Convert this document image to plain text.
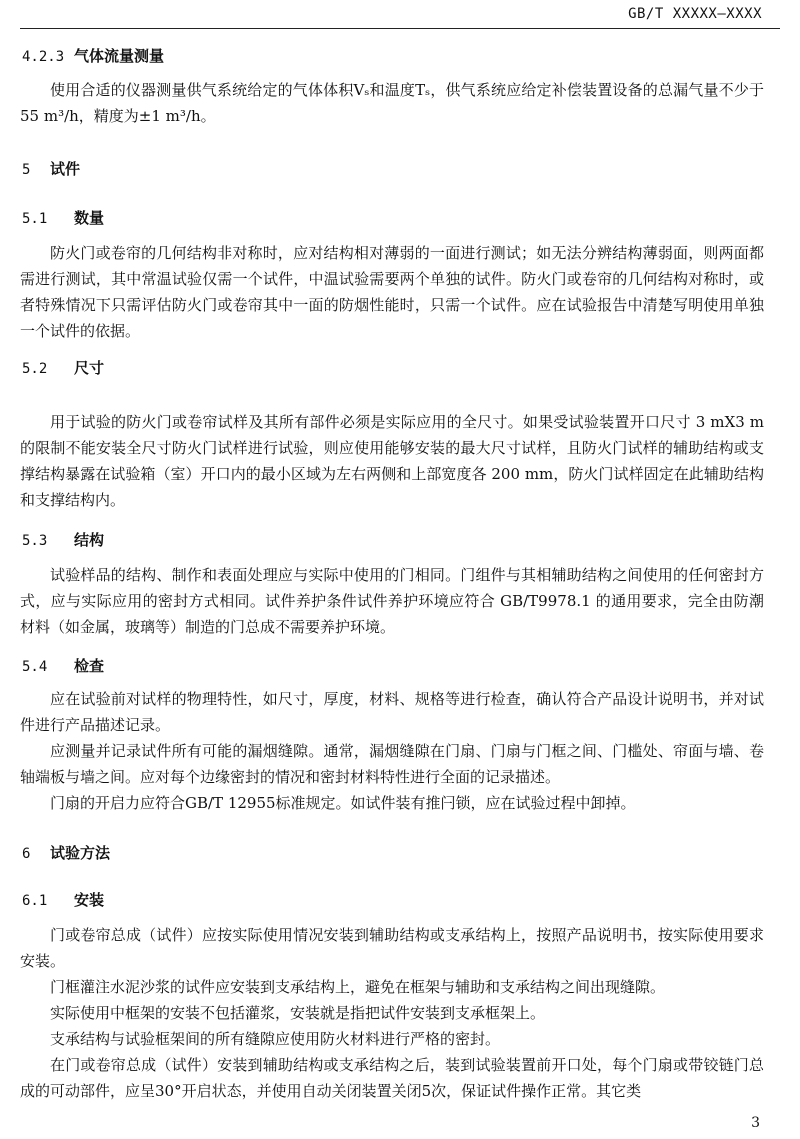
GB/T XXXXX—XXXX
4.2.3 气体流量测量

使用合适的仪器测量供气系统给定的气体体积Vₛ和温度Tₛ，供气系统应给定补偿装置设备的总漏气量不少于55 m³/h，精度为±1 m³/h。

5 试件
5.1 数量

防火门或卷帘的几何结构非对称时，应对结构相对薄弱的一面进行测试；如无法分辨结构薄弱面，则两面都需进行测试，其中常温试验仅需一个试件，中温试验需要两个单独的试件。防火门或卷帘的几何结构对称时，或者特殊情况下只需评估防火门或卷帘其中一面的防烟性能时，只需一个试件。应在试验报告中清楚写明使用单独一个试件的依据。

5.2 尺寸

用于试验的防火门或卷帘试样及其所有部件必须是实际应用的全尺寸。如果受试验装置开口尺寸 3 mX3 m 的限制不能安装全尺寸防火门试样进行试验，则应使用能够安装的最大尺寸试样，且防火门试样的辅助结构或支撑结构暴露在试验箱（室）开口内的最小区域为左右两侧和上部宽度各 200 mm，防火门试样固定在此辅助结构和支撑结构内。

5.3 结构

试验样品的结构、制作和表面处理应与实际中使用的门相同。门组件与其相辅助结构之间使用的任何密封方式，应与实际应用的密封方式相同。试件养护条件试件养护环境应符合 GB/T9978.1 的通用要求，完全由防潮材料（如金属，玻璃等）制造的门总成不需要养护环境。

5.4 检查

应在试验前对试样的物理特性，如尺寸，厚度，材料、规格等进行检查，确认符合产品设计说明书，并对试件进行产品描述记录。

应测量并记录试件所有可能的漏烟缝隙。通常，漏烟缝隙在门扇、门扇与门框之间、门槛处、帘面与墙、卷轴端板与墙之间。应对每个边缘密封的情况和密封材料特性进行全面的记录描述。

门扇的开启力应符合GB/T 12955标准规定。如试件装有推闩锁，应在试验过程中卸掉。

6 试验方法
6.1 安装

门或卷帘总成（试件）应按实际使用情况安装到辅助结构或支承结构上，按照产品说明书，按实际使用要求安装。

门框灌注水泥沙浆的试件应安装到支承结构上，避免在框架与辅助和支承结构之间出现缝隙。

实际使用中框架的安装不包括灌浆，安装就是指把试件安装到支承框架上。

支承结构与试验框架间的所有缝隙应使用防火材料进行严格的密封。

在门或卷帘总成（试件）安装到辅助结构或支承结构之后，装到试验装置前开口处，每个门扇或带铰链门总成的可动部件，应呈30°开启状态，并使用自动关闭装置关闭5次，保证试件操作正常。其它类

3
